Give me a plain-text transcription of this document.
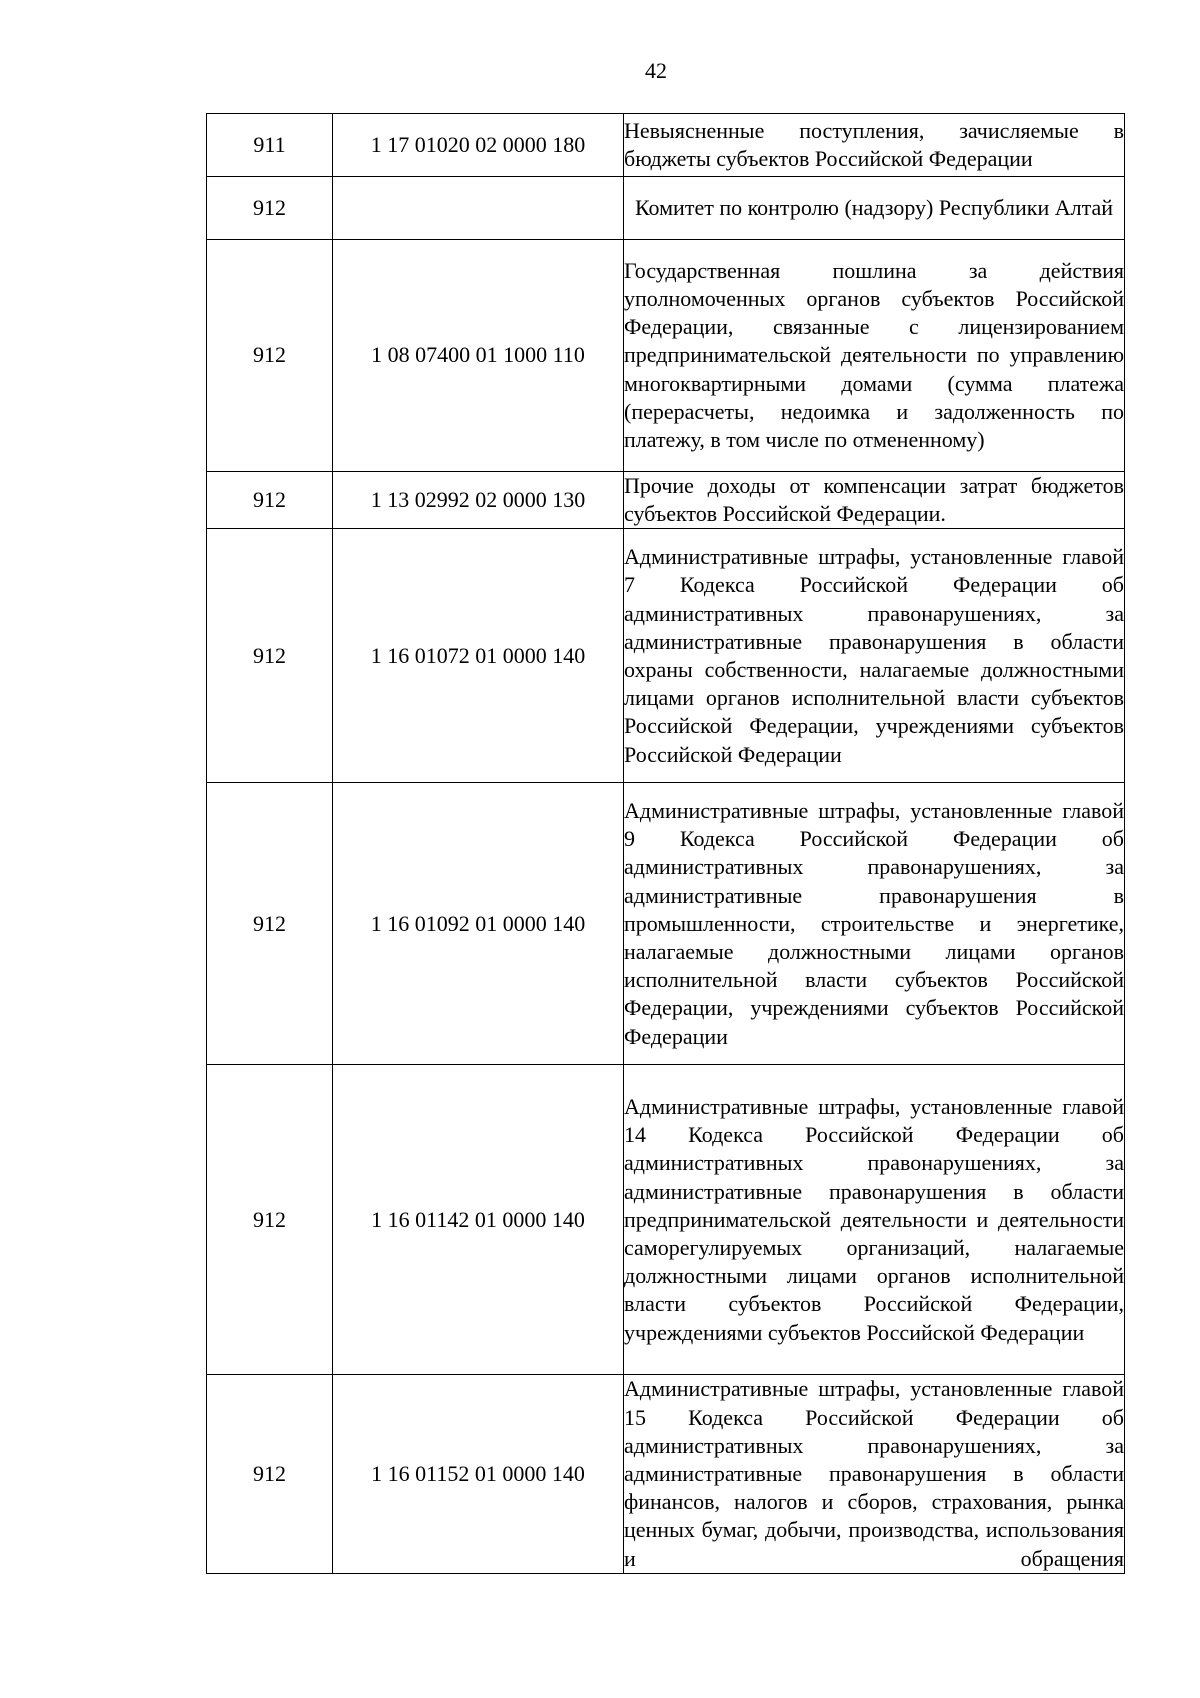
42
911	1 17 01020 02 0000 180	Невыясненные поступления, зачисляемые в бюджеты субъектов Российской Федерации
912		Комитет по контролю (надзору) Республики Алтай
912	1 08 07400 01 1000 110	Государственная пошлина за действия уполномоченных органов субъектов Российской Федерации, связанные с лицензированием предпринимательской деятельности по управлению многоквартирными домами (сумма платежа (перерасчеты, недоимка и задолженность по платежу, в том числе по отмененному)
912	1 13 02992 02 0000 130	Прочие доходы от компенсации затрат бюджетов субъектов Российской Федерации.
912	1 16 01072 01 0000 140	Административные штрафы, установленные главой 7 Кодекса Российской Федерации об административных правонарушениях, за административные правонарушения в области охраны собственности, налагаемые должностными лицами органов исполнительной власти субъектов Российской Федерации, учреждениями субъектов Российской Федерации
912	1 16 01092 01 0000 140	Административные штрафы, установленные главой 9 Кодекса Российской Федерации об административных правонарушениях, за административные правонарушения в промышленности, строительстве и энергетике, налагаемые должностными лицами органов исполнительной власти субъектов Российской Федерации, учреждениями субъектов Российской Федерации
912	1 16 01142 01 0000 140	Административные штрафы, установленные главой 14 Кодекса Российской Федерации об административных правонарушениях, за административные правонарушения в области предпринимательской деятельности и деятельности саморегулируемых организаций, налагаемые должностными лицами органов исполнительной власти субъектов Российской Федерации, учреждениями субъектов Российской Федерации
912	1 16 01152 01 0000 140	Административные штрафы, установленные главой 15 Кодекса Российской Федерации об административных правонарушениях, за административные правонарушения в области финансов, налогов и сборов, страхования, рынка ценных бумаг, добычи, производства, использования и обращения
